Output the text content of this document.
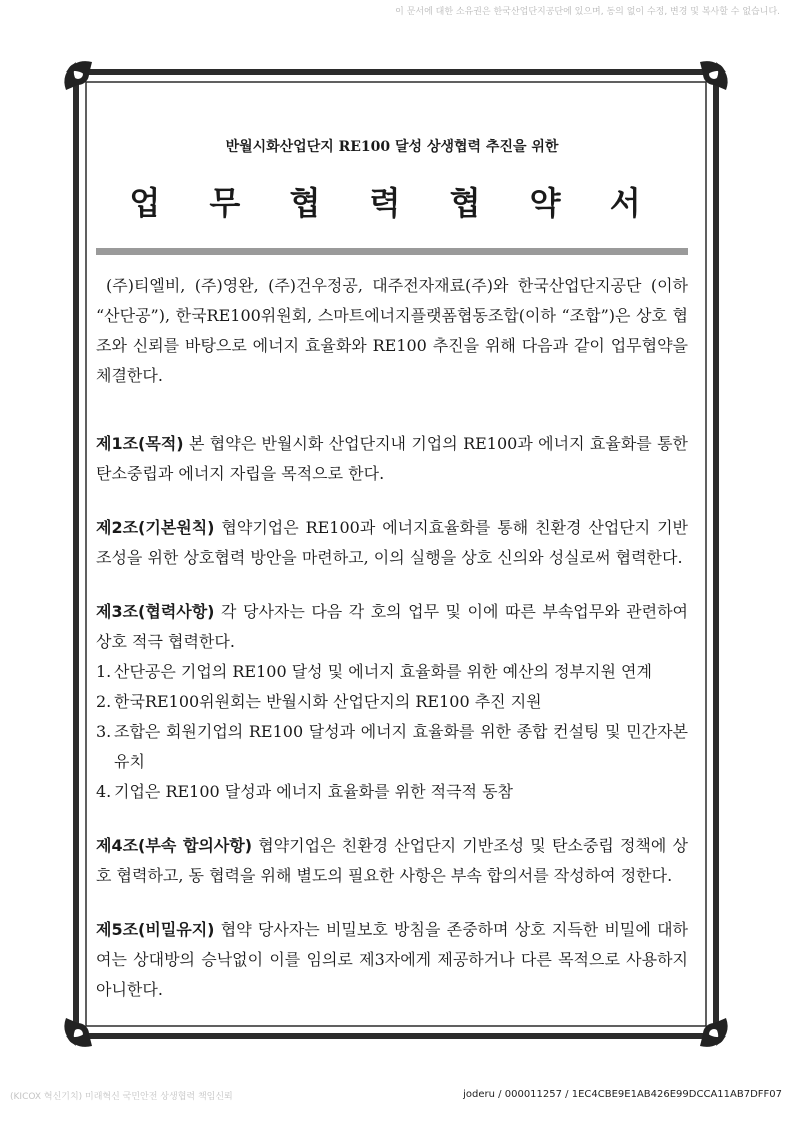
이 문서에 대한 소유권은 한국산업단지공단에 있으며, 동의 없이 수정, 변경 및 복사할 수 없습니다.
반월시화산업단지 RE100 달성 상생협력 추진을 위한
업 무 협 력 협 약 서

(주)티엘비, (주)영완, (주)건우정공, 대주전자재료(주)와 한국산업단지공단 (이하 “산단공”), 한국RE100위원회, 스마트에너지플랫폼협동조합(이하 “조합”)은 상호 협조와 신뢰를 바탕으로 에너지 효율화와 RE100 추진을 위해 다음과 같이 업무협약을 체결한다.

제1조(목적) 본 협약은 반월시화 산업단지내 기업의 RE100과 에너지 효율화를 통한 탄소중립과 에너지 자립을 목적으로 한다.

제2조(기본원칙) 협약기업은 RE100과 에너지효율화를 통해 친환경 산업단지 기반조성을 위한 상호협력 방안을 마련하고, 이의 실행을 상호 신의와 성실로써 협력한다.

제3조(협력사항) 각 당사자는 다음 각 호의 업무 및 이에 따른 부속업무와 관련하여 상호 적극 협력한다.

1. 산단공은 기업의 RE100 달성 및 에너지 효율화를 위한 예산의 정부지원 연계
2. 한국RE100위원회는 반월시화 산업단지의 RE100 추진 지원
3. 조합은 회원기업의 RE100 달성과 에너지 효율화를 위한 종합 컨설팅 및 민간자본 유치
4. 기업은 RE100 달성과 에너지 효율화를 위한 적극적 동참

제4조(부속 합의사항) 협약기업은 친환경 산업단지 기반조성 및 탄소중립 정책에 상호 협력하고, 동 협력을 위해 별도의 필요한 사항은 부속 합의서를 작성하여 정한다.

제5조(비밀유지) 협약 당사자는 비밀보호 방침을 존중하며 상호 지득한 비밀에 대하여는 상대방의 승낙없이 이를 임의로 제3자에게 제공하거나 다른 목적으로 사용하지 아니한다.

(KICOX 혁신기치) 미래혁신 국민안전 상생협력 책임신뢰	joderu / 000011257 / 1EC4CBE9E1AB426E99DCCA11AB7DFF07
